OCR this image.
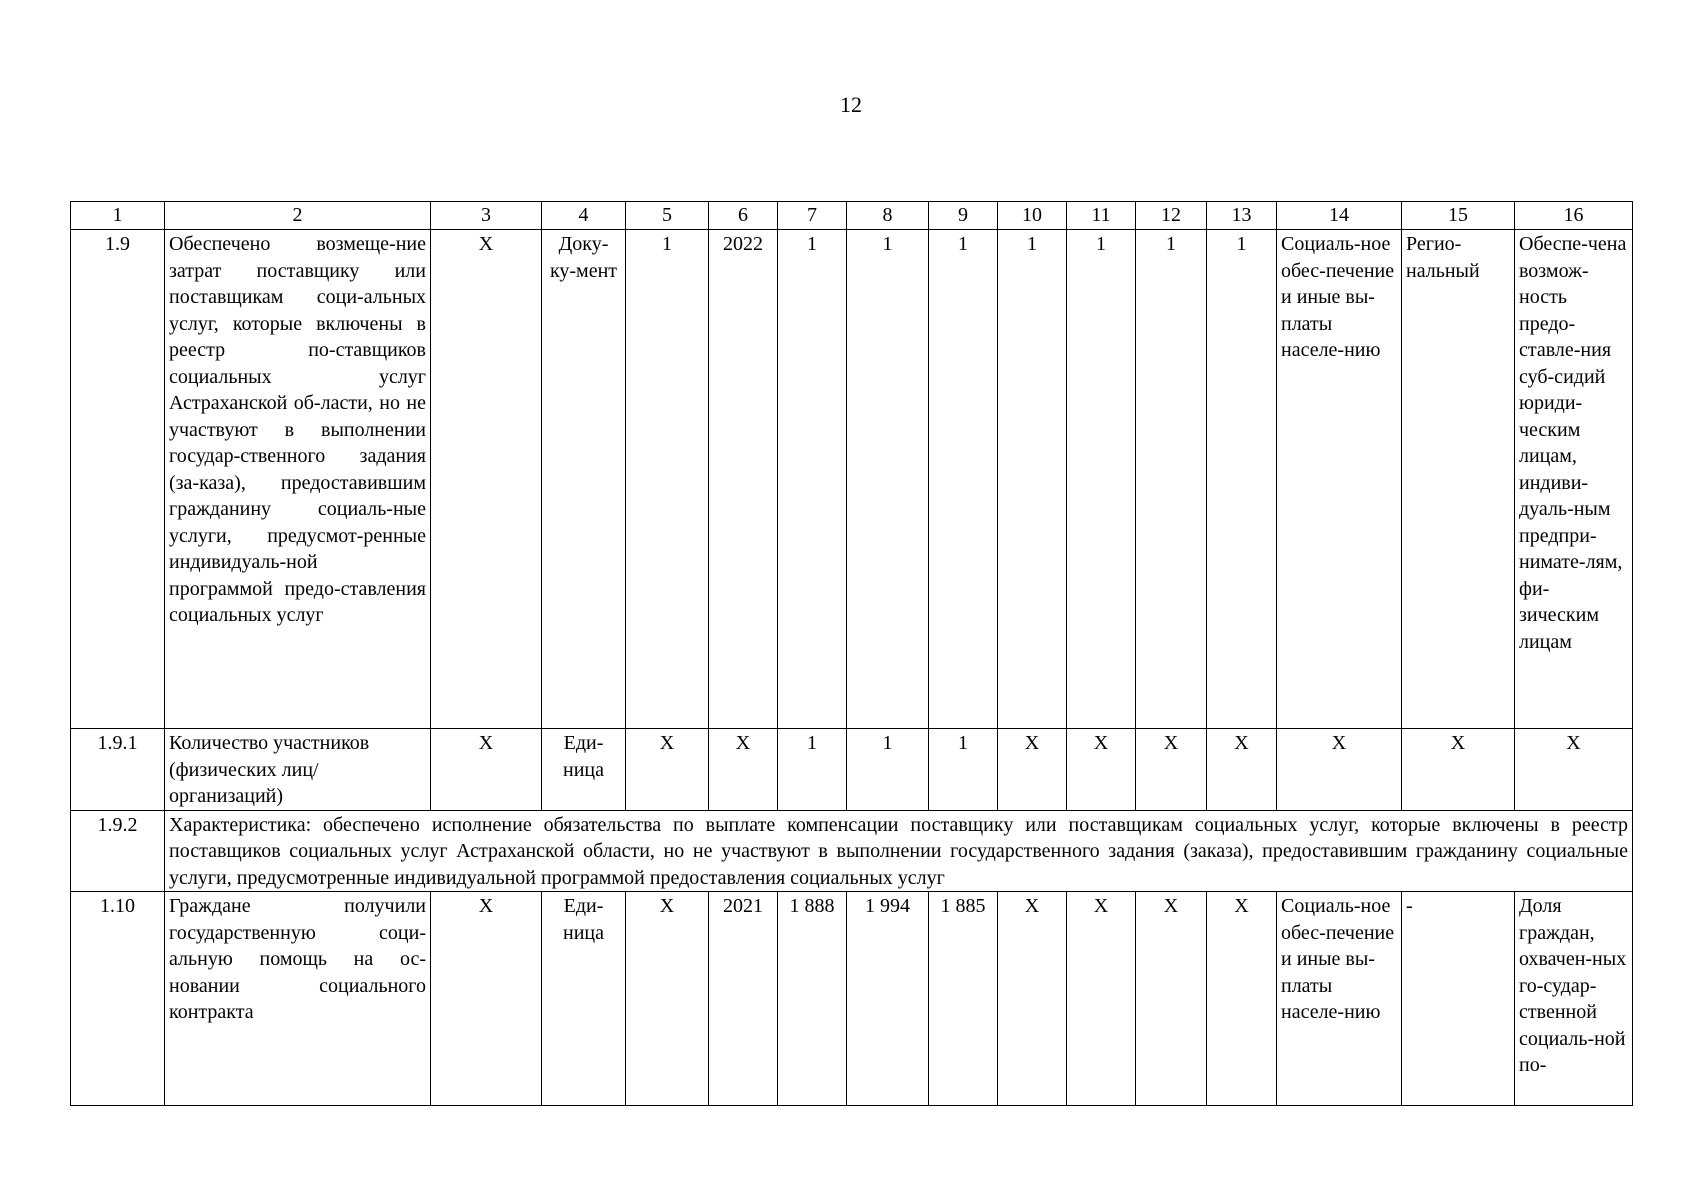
12
1	2	3	4	5	6	7	8	9	10	11	12	13	14	15	16
1.9	Обеспечено возмеще-ние затрат поставщику или поставщикам соци-альных услуг, которые включены в реестр по-ставщиков социальных услуг Астраханской об-ласти, но не участвуют в выполнении государ-ственного задания (за-каза), предоставившим гражданину социаль-ные услуги, предусмот-ренные индивидуаль-ной программой предо-ставления социальных услуг	X	Доку-ку-мент	1	2022	1	1	1	1	1	1	1	Социаль-ное обес-печение и иные вы-платы населе-нию	Регио-нальный	Обеспе-чена возмож-ность предо-ставле-ния суб-сидий юриди-ческим лицам, индиви-дуаль-ным предпри-нимате-лям, фи-зическим лицам
1.9.1	Количество участников (физических лиц/организаций)	X	Еди-ница	X	X	1	1	1	X	X	X	X	X	X	X
1.9.2	Характеристика: обеспечено исполнение обязательства по выплате компенсации поставщику или поставщикам социальных услуг, которые включены в реестр поставщиков социальных услуг Астраханской области, но не участвуют в выполнении государственного задания (заказа), предоставившим гражданину социальные услуги, предусмотренные индивидуальной программой предоставления социальных услуг														
1.10	Граждане получили государственную соци-альную помощь на ос-новании социального контракта	X	Еди-ница	X	2021	1 888	1 994	1 885	X	X	X	X	Социаль-ное обес-печение и иные вы-платы населе-нию	-	Доля граждан, охвачен-ных го-судар-ственной социаль-ной по-
